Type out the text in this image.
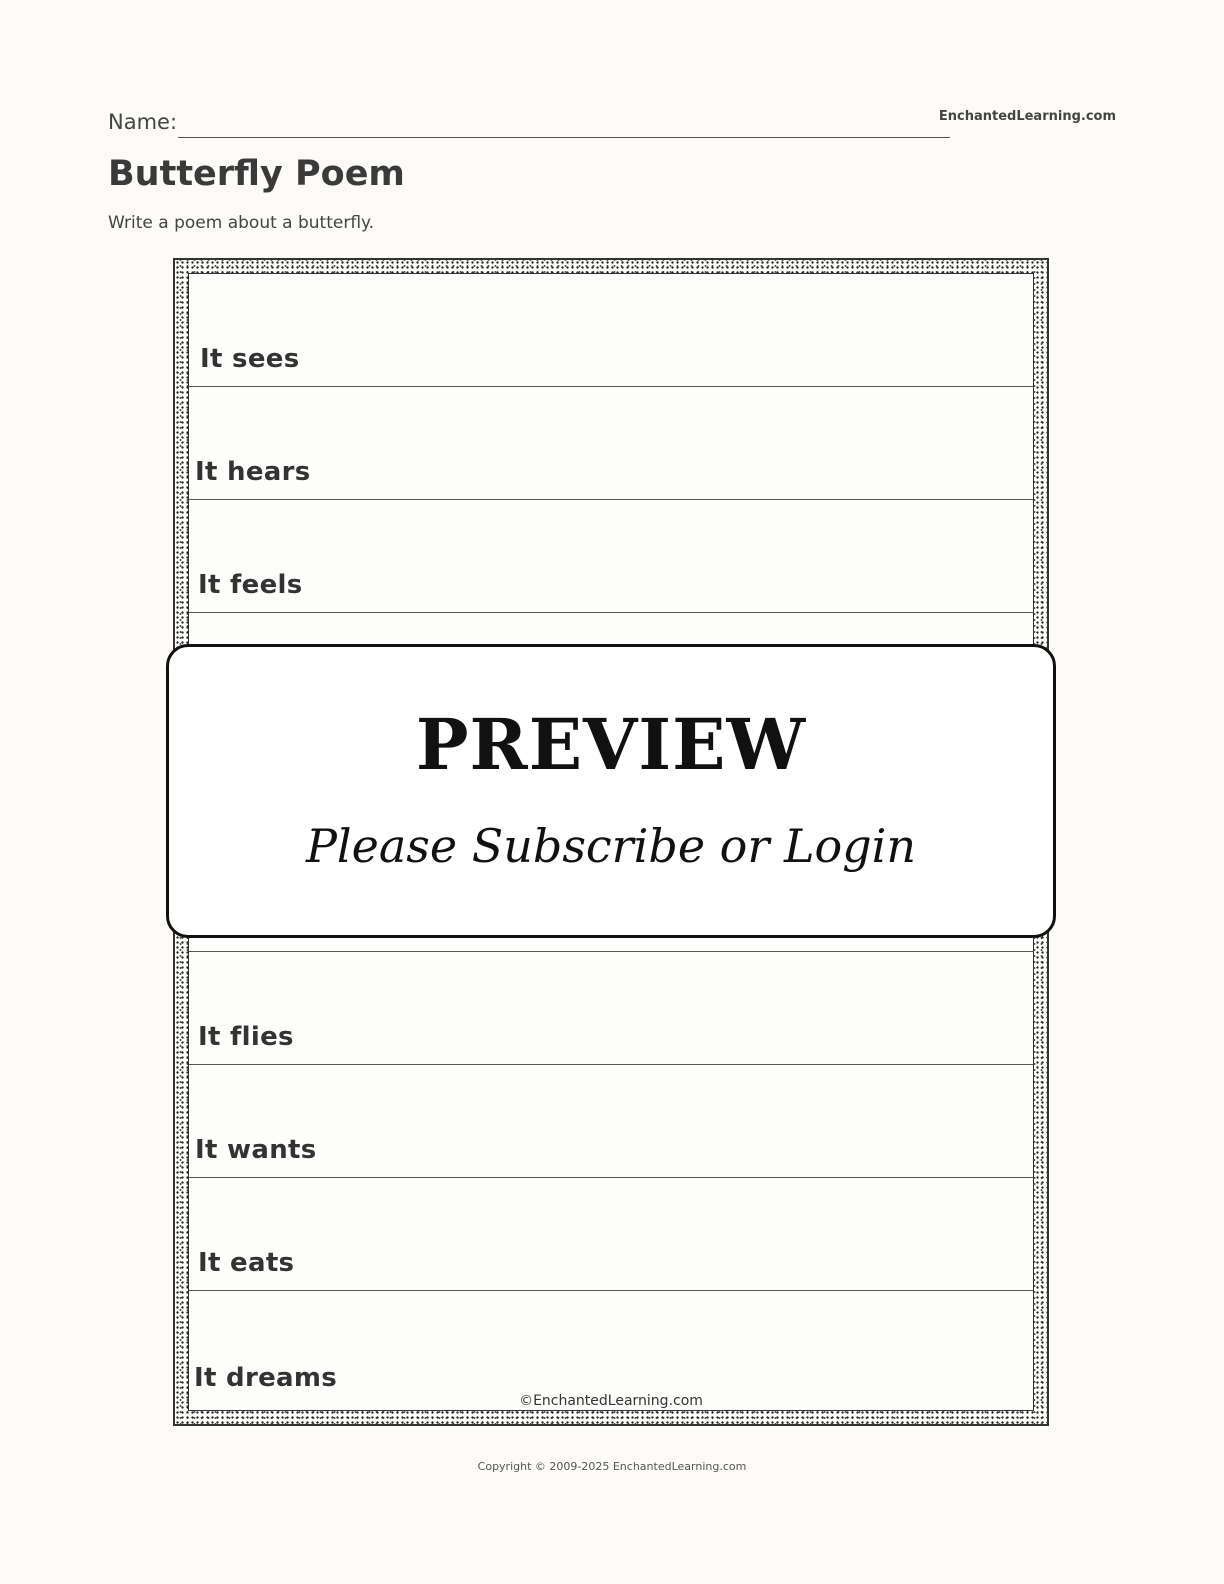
Name:	EnchantedLearning.com
Butterfly Poem
Write a poem about a butterfly.
It sees
It hears
It feels
It flies
It wants
It eats
It dreams
©EnchantedLearning.com
PREVIEW
Please Subscribe or Login
Copyright © 2009-2025 EnchantedLearning.com
